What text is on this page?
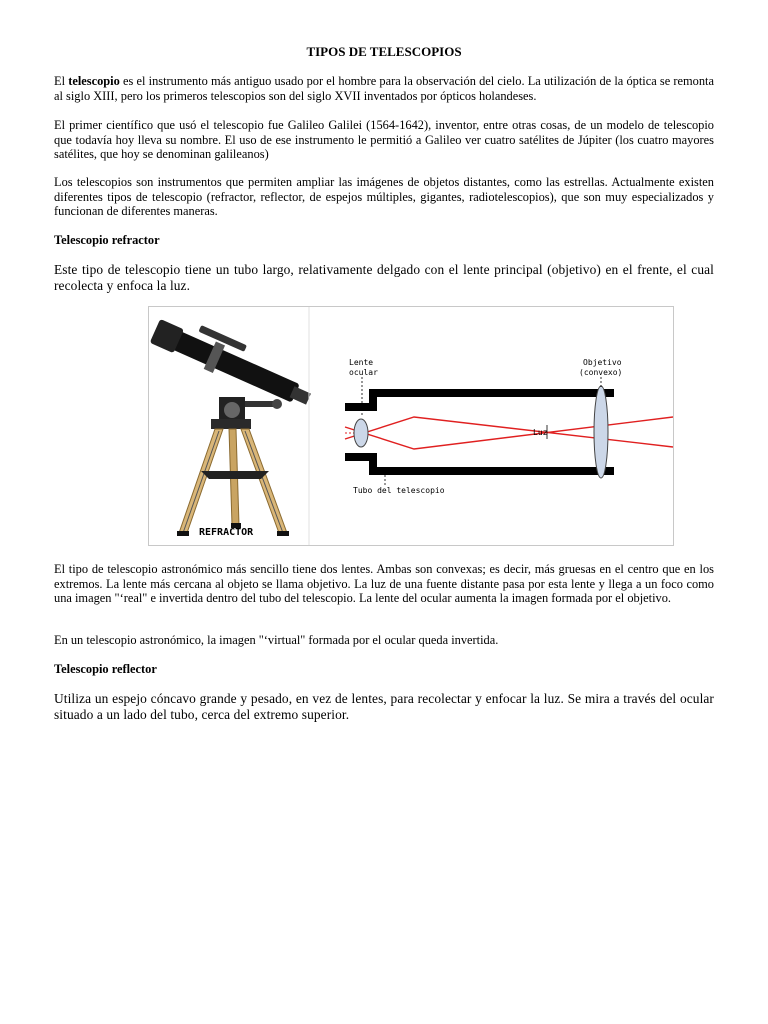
TIPOS DE TELESCOPIOS

El telescopio es el instrumento más antiguo usado por el hombre para la observación del cielo. La utilización de la óptica se remonta al siglo XIII, pero los primeros telescopios son del siglo XVII inventados por ópticos holandeses.

El primer científico que usó el telescopio fue Galileo Galilei (1564-1642), inventor, entre otras cosas, de un modelo de telescopio que todavía hoy lleva su nombre. El uso de ese instrumento le permitió a Galileo ver cuatro satélites de Júpiter (los cuatro mayores satélites, que hoy se denominan galileanos)

Los telescopios son instrumentos que permiten ampliar las imágenes de objetos distantes, como las estrellas. Actualmente existen diferentes tipos de telescopio (refractor, reflector, de espejos múltiples, gigantes, radiotelescopios), que son muy especializados y funcionan de diferentes maneras.

Telescopio refractor

Este tipo de telescopio tiene un tubo largo, relativamente delgado con el lente principal (objetivo) en el frente, el cual recolecta y enfoca la luz.

REFRACTOR
Lente
ocular
Objetivo
(convexo)
Luz
Tubo del telescopio

El tipo de telescopio astronómico más sencillo tiene dos lentes. Ambas son convexas; es decir, más gruesas en el centro que en los extremos. La lente más cercana al objeto se llama objetivo. La luz de una fuente distante pasa por esta lente y llega a un foco como una imagen "‘real" e invertida dentro del tubo del telescopio. La lente del ocular aumenta la imagen formada por el objetivo.

En un telescopio astronómico, la imagen "‘virtual" formada por el ocular queda invertida.

Telescopio reflector

Utiliza un espejo cóncavo grande y pesado, en vez de lentes, para recolectar y enfocar la luz. Se mira a través del ocular situado a un lado del tubo, cerca del extremo superior.
